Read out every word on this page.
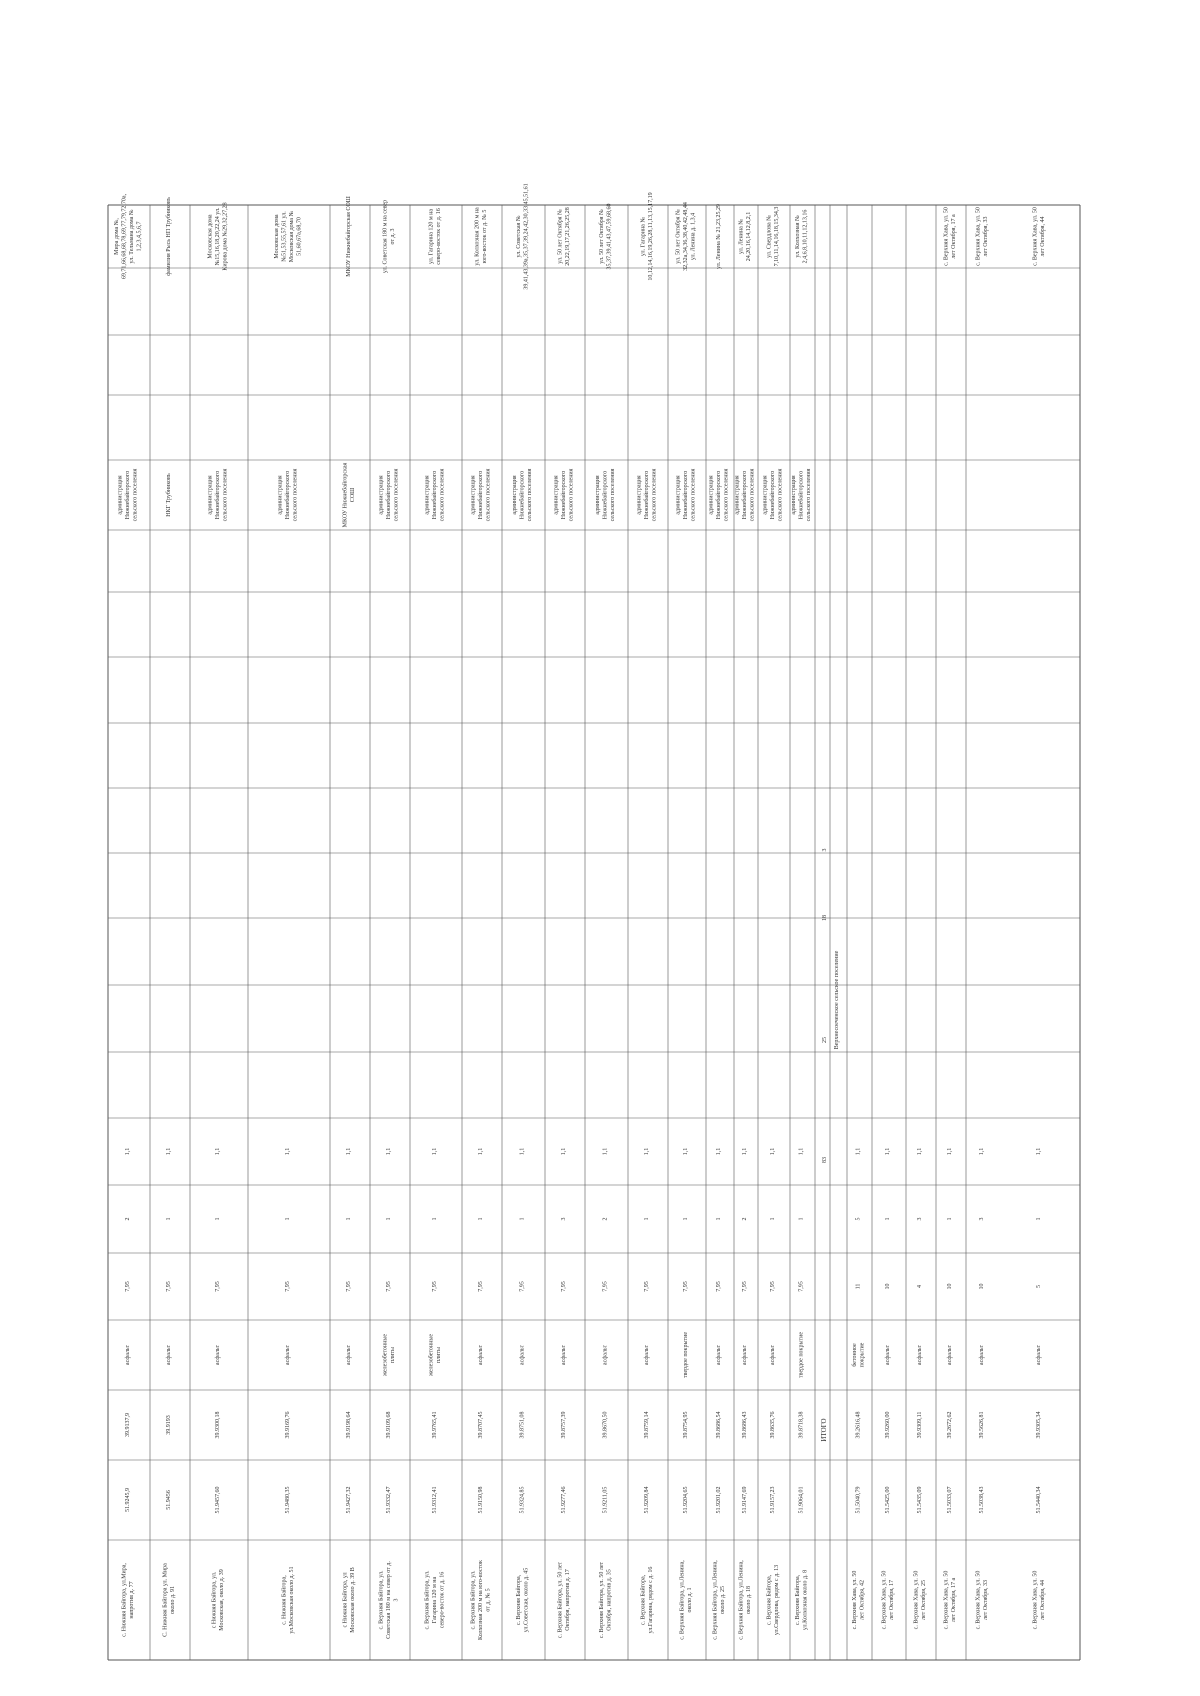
с. Нижняя Байгора, ул.Мира, напротив д. 77
51.9245,9
39.9137,9
асфальт
7,95
2
1,1
администрация Нижнебайгорского сельского поселения
Мира дома №, 69,71,66,68,68,78,69,77,79,72,70а, ул. Тельмана дома № 1,2,3,4,5,6,7
С. Нижняя Байгора ул. Мира около д. 91
51.9456
39.9193
асфальт
7,95
1
1,1
НКГ Трубниковъ
фамилия Рысь НП Трубниковъ
с Нижняя Байгора, ул. Московская, около д. 39
51.9457,60
39.9300,18
асфальт
7,95
1
1,1
администрация Нижнебайгорского сельского поселения
Московская дома №15,16,18,20,22,24 ул. Кирова дома №29,32,27,28
с. Нижняя Байгора, ул.Московская около д. 51
51.9480,35
39.9169,76
асфальт
7,95
1
1,1
администрация Нижнебайгорского сельского поселения
Московская дома №51,53,55,57,61 ул. Московская дома № 51,60,67а,68,70
с Нижняя Байгора, ул Московская около д. 39 В
51.9427,32
39.9198,64
асфальт
7,95
1
1,1
МКОУ Нижнебайгорская СОШ
МКОУ Нижнебайгорская СОШ
с. Верхняя Байгора, ул. Советская 180 м на север от д. 3
51.9332,47
39.9109,68
железобетонные плиты
7,95
1
1,1
администрация Нижнебайгорского сельского поселения
ул. Советская 180 м на север от д. 3
с. Верхняя Байгора, ул. Гагарина 120 м на северо-восток от д. 16
51.9312,41
39.9765,41
железобетонные плиты
7,95
1
1,1
администрация Нижнебайгорского сельского поселения
ул. Гагарина 120 м на северо-восток от д. 16
с. Верхняя Байгора, ул. Колхозная 200 м на юго-восток от д. № 5
51.9150,98
39.8707,45
асфальт
7,95
1
1,1
администрация Нижнебайгорского сельского поселения
ул. Колхозная 200 м на юго-восток от д. № 5
с. Верхняя Байгора, ул.Советская, около д. 45
51.9324,85
39.8751,08
асфальт
7,95
1
1,1
администрация Нижнебайгорского сельского поселения
ул. Советская № 39,41,43,39а,35,37,39,24,42,30,33,45,51,61
с. Верхняя Байгора, ул. 50 лет Октября, напротив д. 17
51.9277,46
39.8757,39
асфальт
7,95
3
1,1
администрация Нижнебайгорского сельского поселения
ул. 50 лет Октября № 20,22,19,17,21,26,25,28
с. Верхняя Байгора, ул. 50 лет Октября, напротив д. 35
51.9211,05
39.8670,50
асфальт
7,95
2
1,1
администрация Нижнебайгорского сельского поселения
ул. 50 лет Октября № 35,37,39,41,43,47,59,68,60
с. Верхняя Байгора, ул.Гагарина, рядом с д. 16
51.9209,84
39.8759,14
асфальт
7,95
1
1,1
администрация Нижнебайгорского сельского поселения
ул. Гагарина № 10,12,14,16,19,26,28,11,13,15,17,19
с. Верхняя Байгора, ул.Ленина, около д. 1
51.9204,65
39.8754,95
твердое покрытие
7,95
1
1,1
администрация Нижнебайгорского сельского поселения
ул. 50 лет Октября № 32,32а,34,36,38,40,42,48,44 ул. Ленина д. 1,3,4
с. Верхняя Байгора, ул.Ленина, около д. 25
51.9201,02
39.8686,54
асфальт
7,95
1
1,1
администрация Нижнебайгорского сельского поселения
ул. Ленина № 21,23,25,29
с. Верхняя Байгора, ул.Ленина, около д. 18
51.9147,69
39.8686,43
асфальт
7,95
2
1,1
администрация Нижнебайгорского сельского поселения
ул. Ленина № 24,20,16,14,12,8,2,1
с. Верхняя Байгора, ул.Свердлова, рядом с д. 13
51.9157,23
39.8635,76
асфальт
7,95
1
1,1
администрация Нижнебайгорского сельского поселения
ул. Свердлова № 7,10,11,14,16,18,15,34,3
с. Верхняя Байгора, ул.Колхозная около д. 8
51.9064,01
39.8718,38
твердое покрытие
7,95
1
1,1
администрация Нижнебайгорского сельского поселения
ул. Колхозная № 2,4,6,8,10,11,12,13,16
ИТОГО
Верхнесоеченское сельское поселение
83
25
18
3
с. Верхняя Хава, ул. 50 лет Октября, 42
51.5040,79
39.2616,48
бетонное покрытие
11
5
1,1
с. Верхняя Хава, ул. 50 лет Октября, 17
51.5425,00
39.9260,00
асфальт
10
1
1,1
с. Верхняя Хава, ул. 50 лет Октября, 25
51.5435,09
39.9309,11
асфальт
4
3
1,1
с. Верхняя Хава, ул. 50 лет Октября, 17 а
51.5033,07
39.2672,62
асфальт
10
1
1,1
с. Верхняя Хава, ул. 50 лет Октября, 17 а
с. Верхняя Хава, ул. 50 лет Октября, 33
51.5038,43
39.5626,81
асфальт
10
3
1,1
с. Верхняя Хава, ул. 50 лет Октября, 33
с. Верхняя Хава, ул. 50 лет Октября, 44
51.5440,34
39.9305,34
асфальт
5
1
1,1
с. Верхняя Хава, ул. 50 лет Октября, 44
